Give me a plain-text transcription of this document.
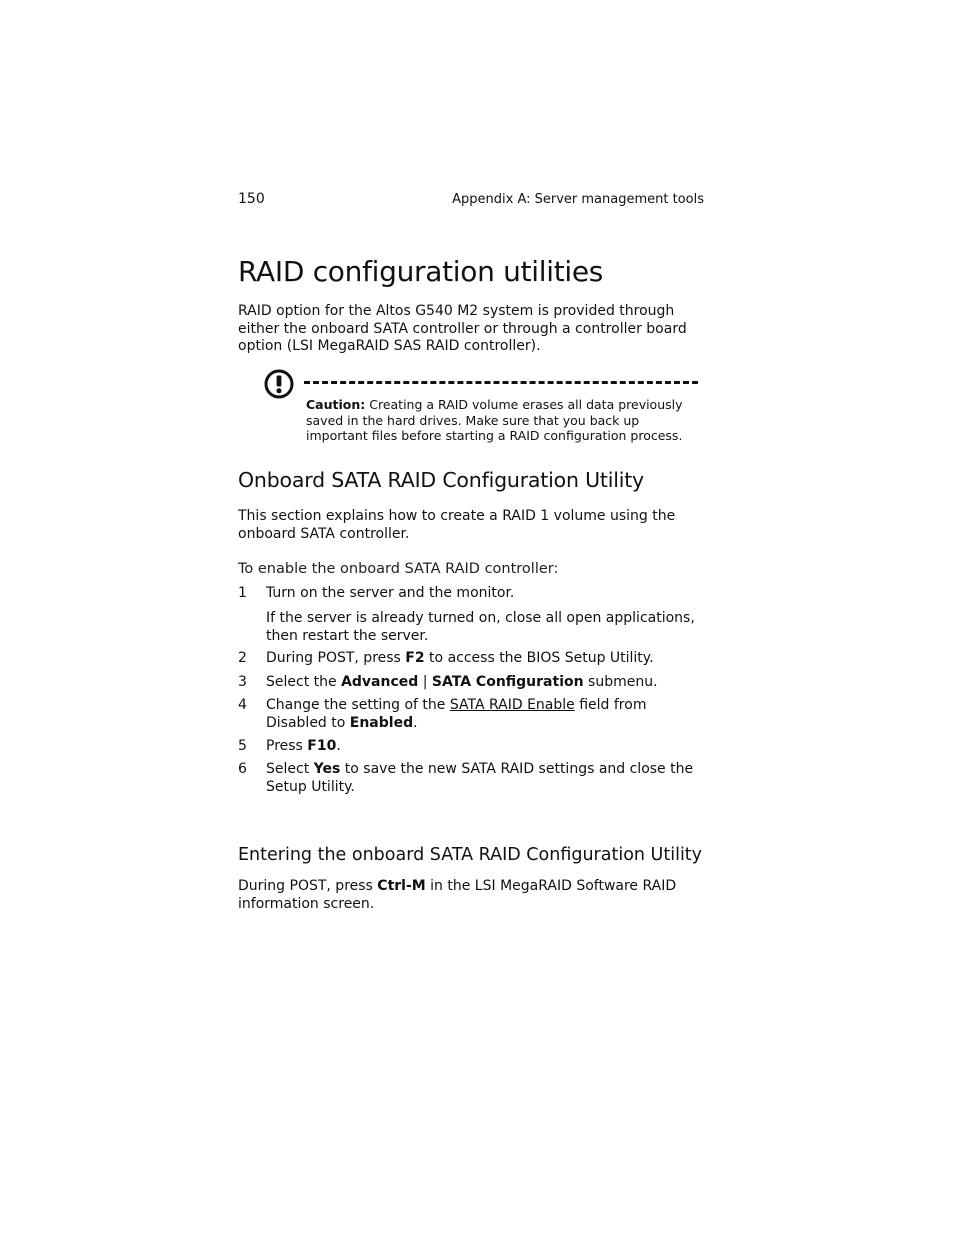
150	Appendix A: Server management tools
RAID configuration utilities

RAID option for the Altos G540 M2 system is provided through either the onboard SATA controller or through a controller board option (LSI MegaRAID SAS RAID controller).

Caution: Creating a RAID volume erases all data previously saved in the hard drives. Make sure that you back up important files before starting a RAID configuration process.

Onboard SATA RAID Configuration Utility

This section explains how to create a RAID 1 volume using the onboard SATA controller.

To enable the onboard SATA RAID controller:
1 Turn on the server and the monitor.
If the server is already turned on, close all open applications, then restart the server.
2 During POST, press F2 to access the BIOS Setup Utility.
3 Select the Advanced | SATA Configuration submenu.
4 Change the setting of the SATA RAID Enable field from Disabled to Enabled.
5 Press F10.
6 Select Yes to save the new SATA RAID settings and close the Setup Utility.
Entering the onboard SATA RAID Configuration Utility

During POST, press Ctrl-M in the LSI MegaRAID Software RAID information screen.
